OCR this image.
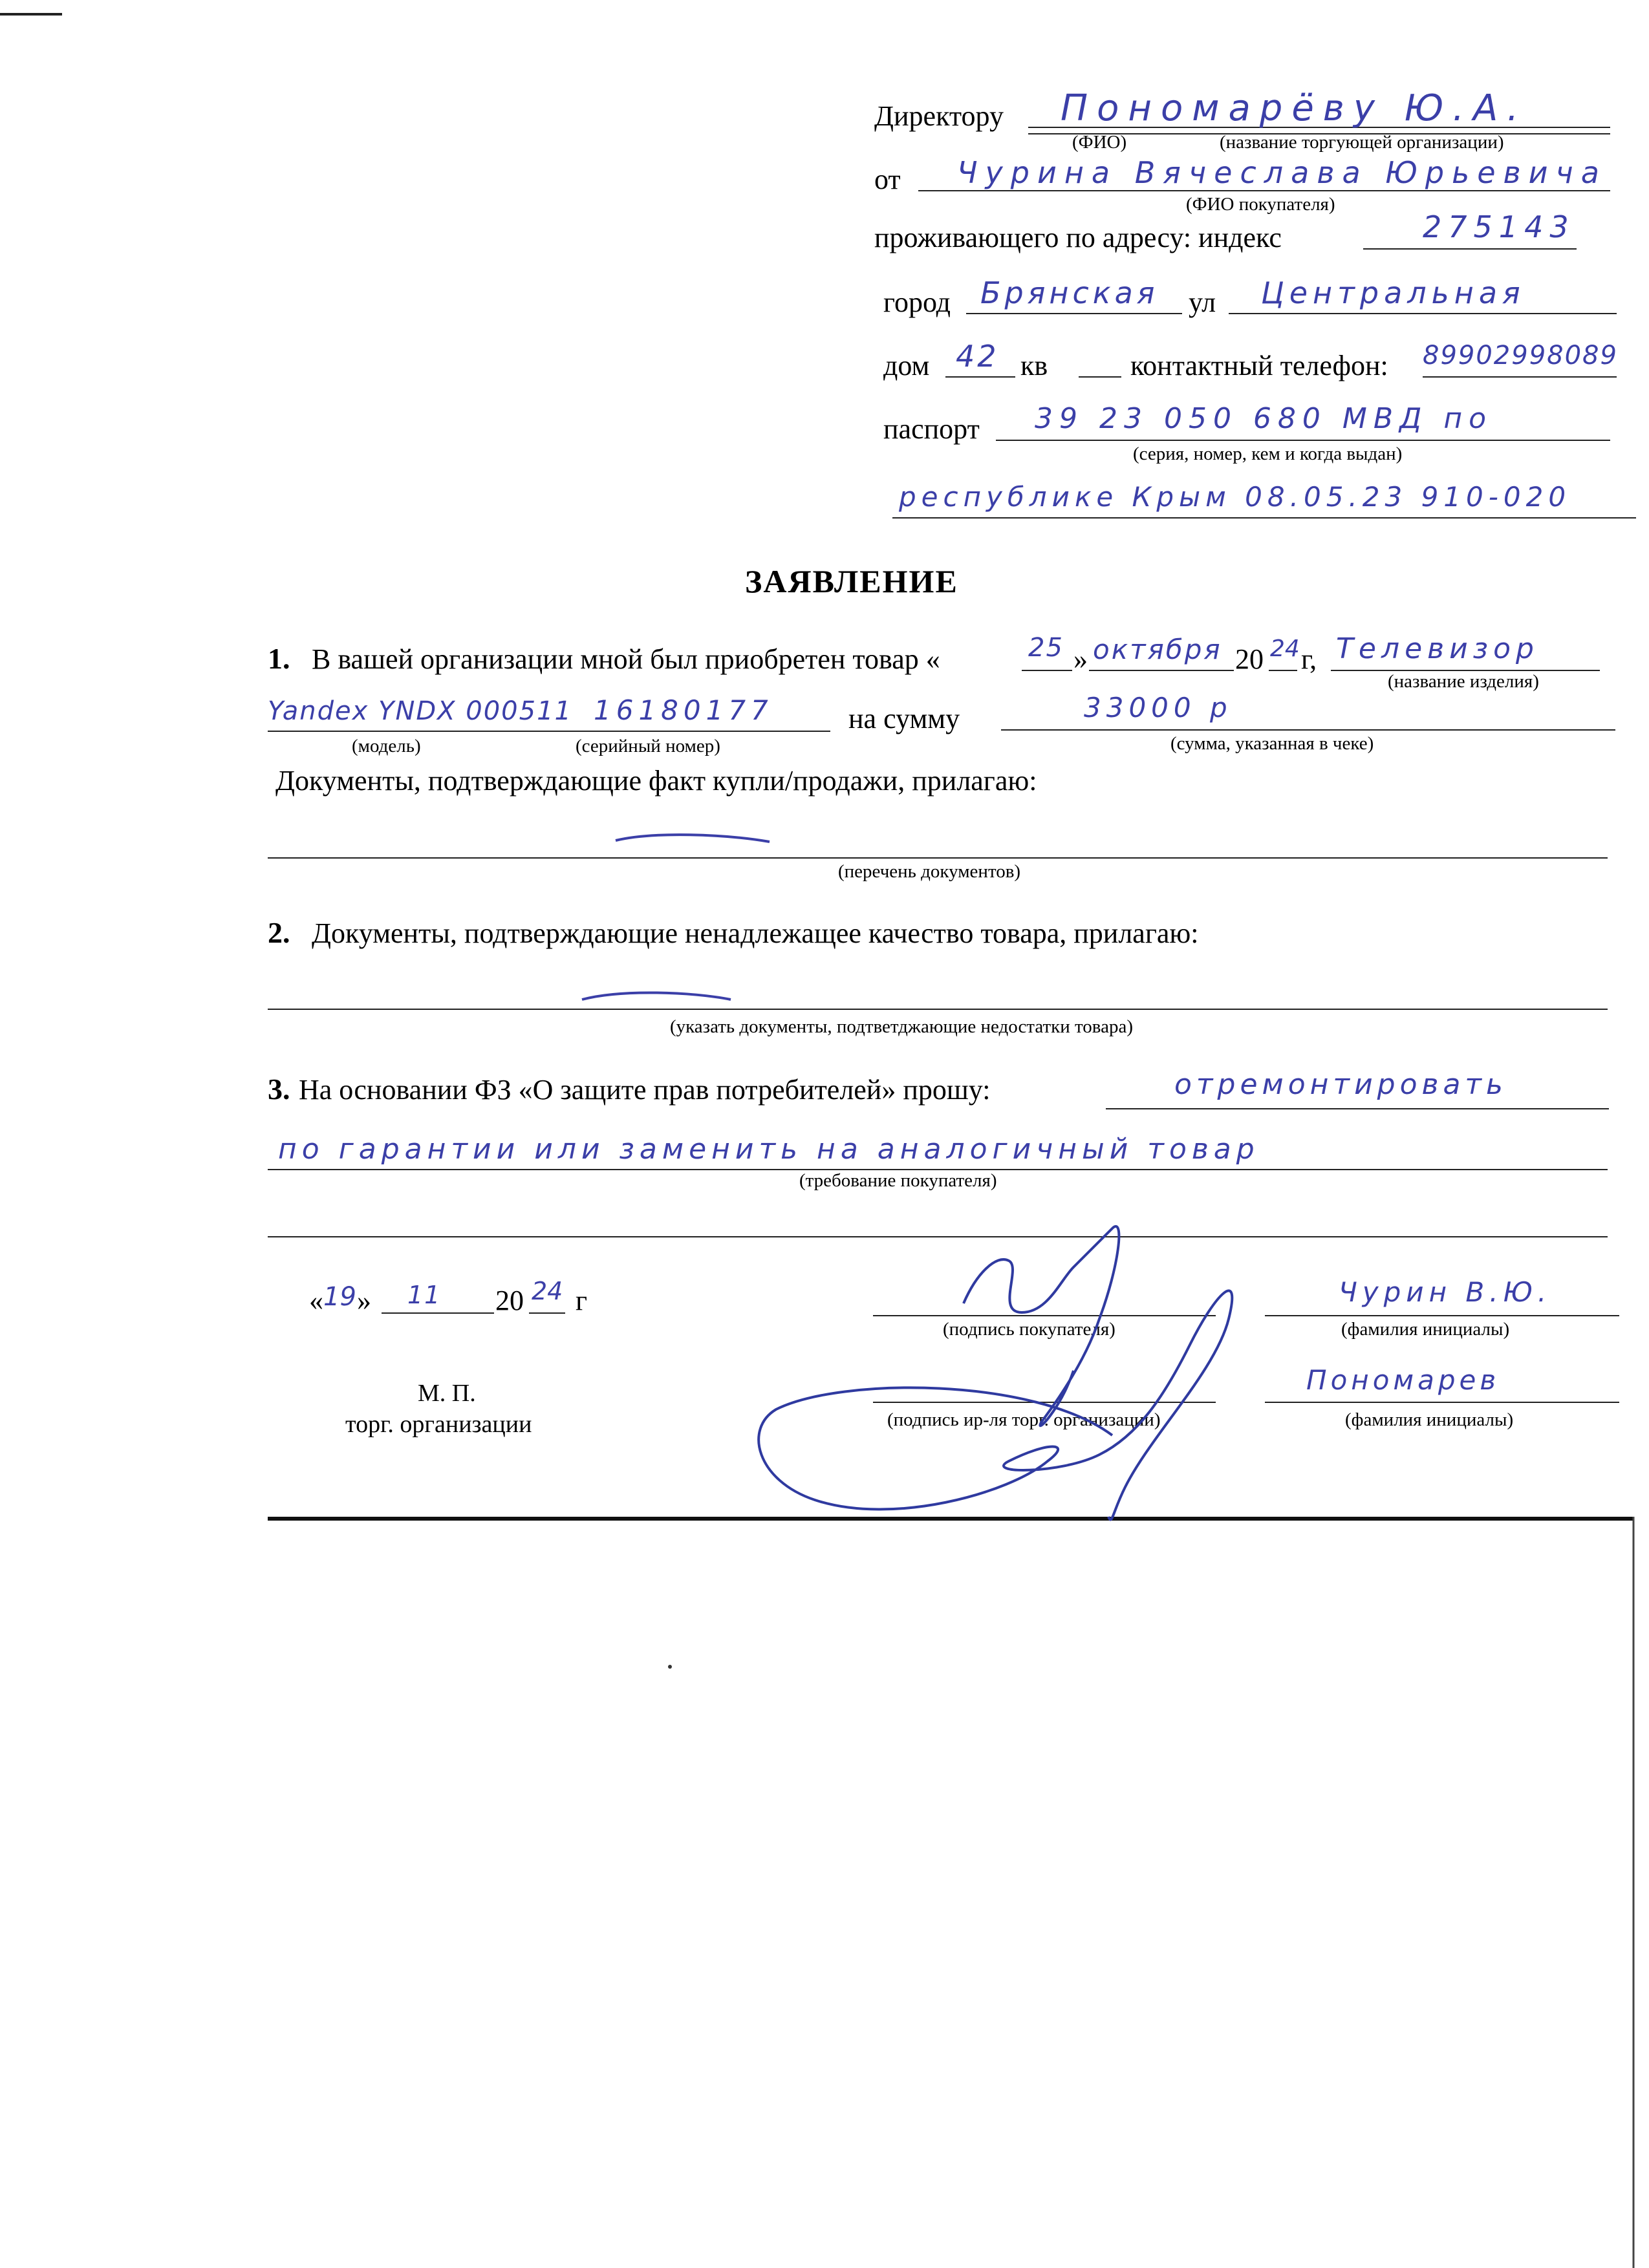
Директору Пономарёву Ю.А.
(ФИО)	(название торгующей организации)
от Чурина Вячеслава Юрьевича
(ФИО покупателя)
проживающего по адресу: индекс	275143
город Брянская ул Центральная
дом 42 кв	контактный телефон: 89902998089
паспорт 39 23 050 680 МВД по
(серия, номер, кем и когда выдан)
республике Крым 08.05.23 910-020
ЗАЯВЛЕНИЕ
1. В вашей организации мной был приобретен товар «	25 » октября 20 24 г, Телевизор
(название изделия)
Yandex YNDX 000511 16180177
(модель)	(серийный номер)
на сумму	33000 р
(сумма, указанная в чеке)
Документы, подтверждающие факт купли/продажи, прилагаю:
(перечень документов)
2. Документы, подтверждающие ненадлежащее качество товара, прилагаю:
(указать документы, подтветджающие недостатки товара)
3. На основании ФЗ «О защите прав потребителей» прошу:	отремонтировать
по гарантии или заменить на аналогичный товар
(требование покупателя)
« 19 » 11 20 24 г
(подпись покупателя)
Чурин В.Ю.
(фамилия инициалы)
М. П.
торг. организации	(подпись ир-ля торг. организации)
Пономарев
(фамилия инициалы)
